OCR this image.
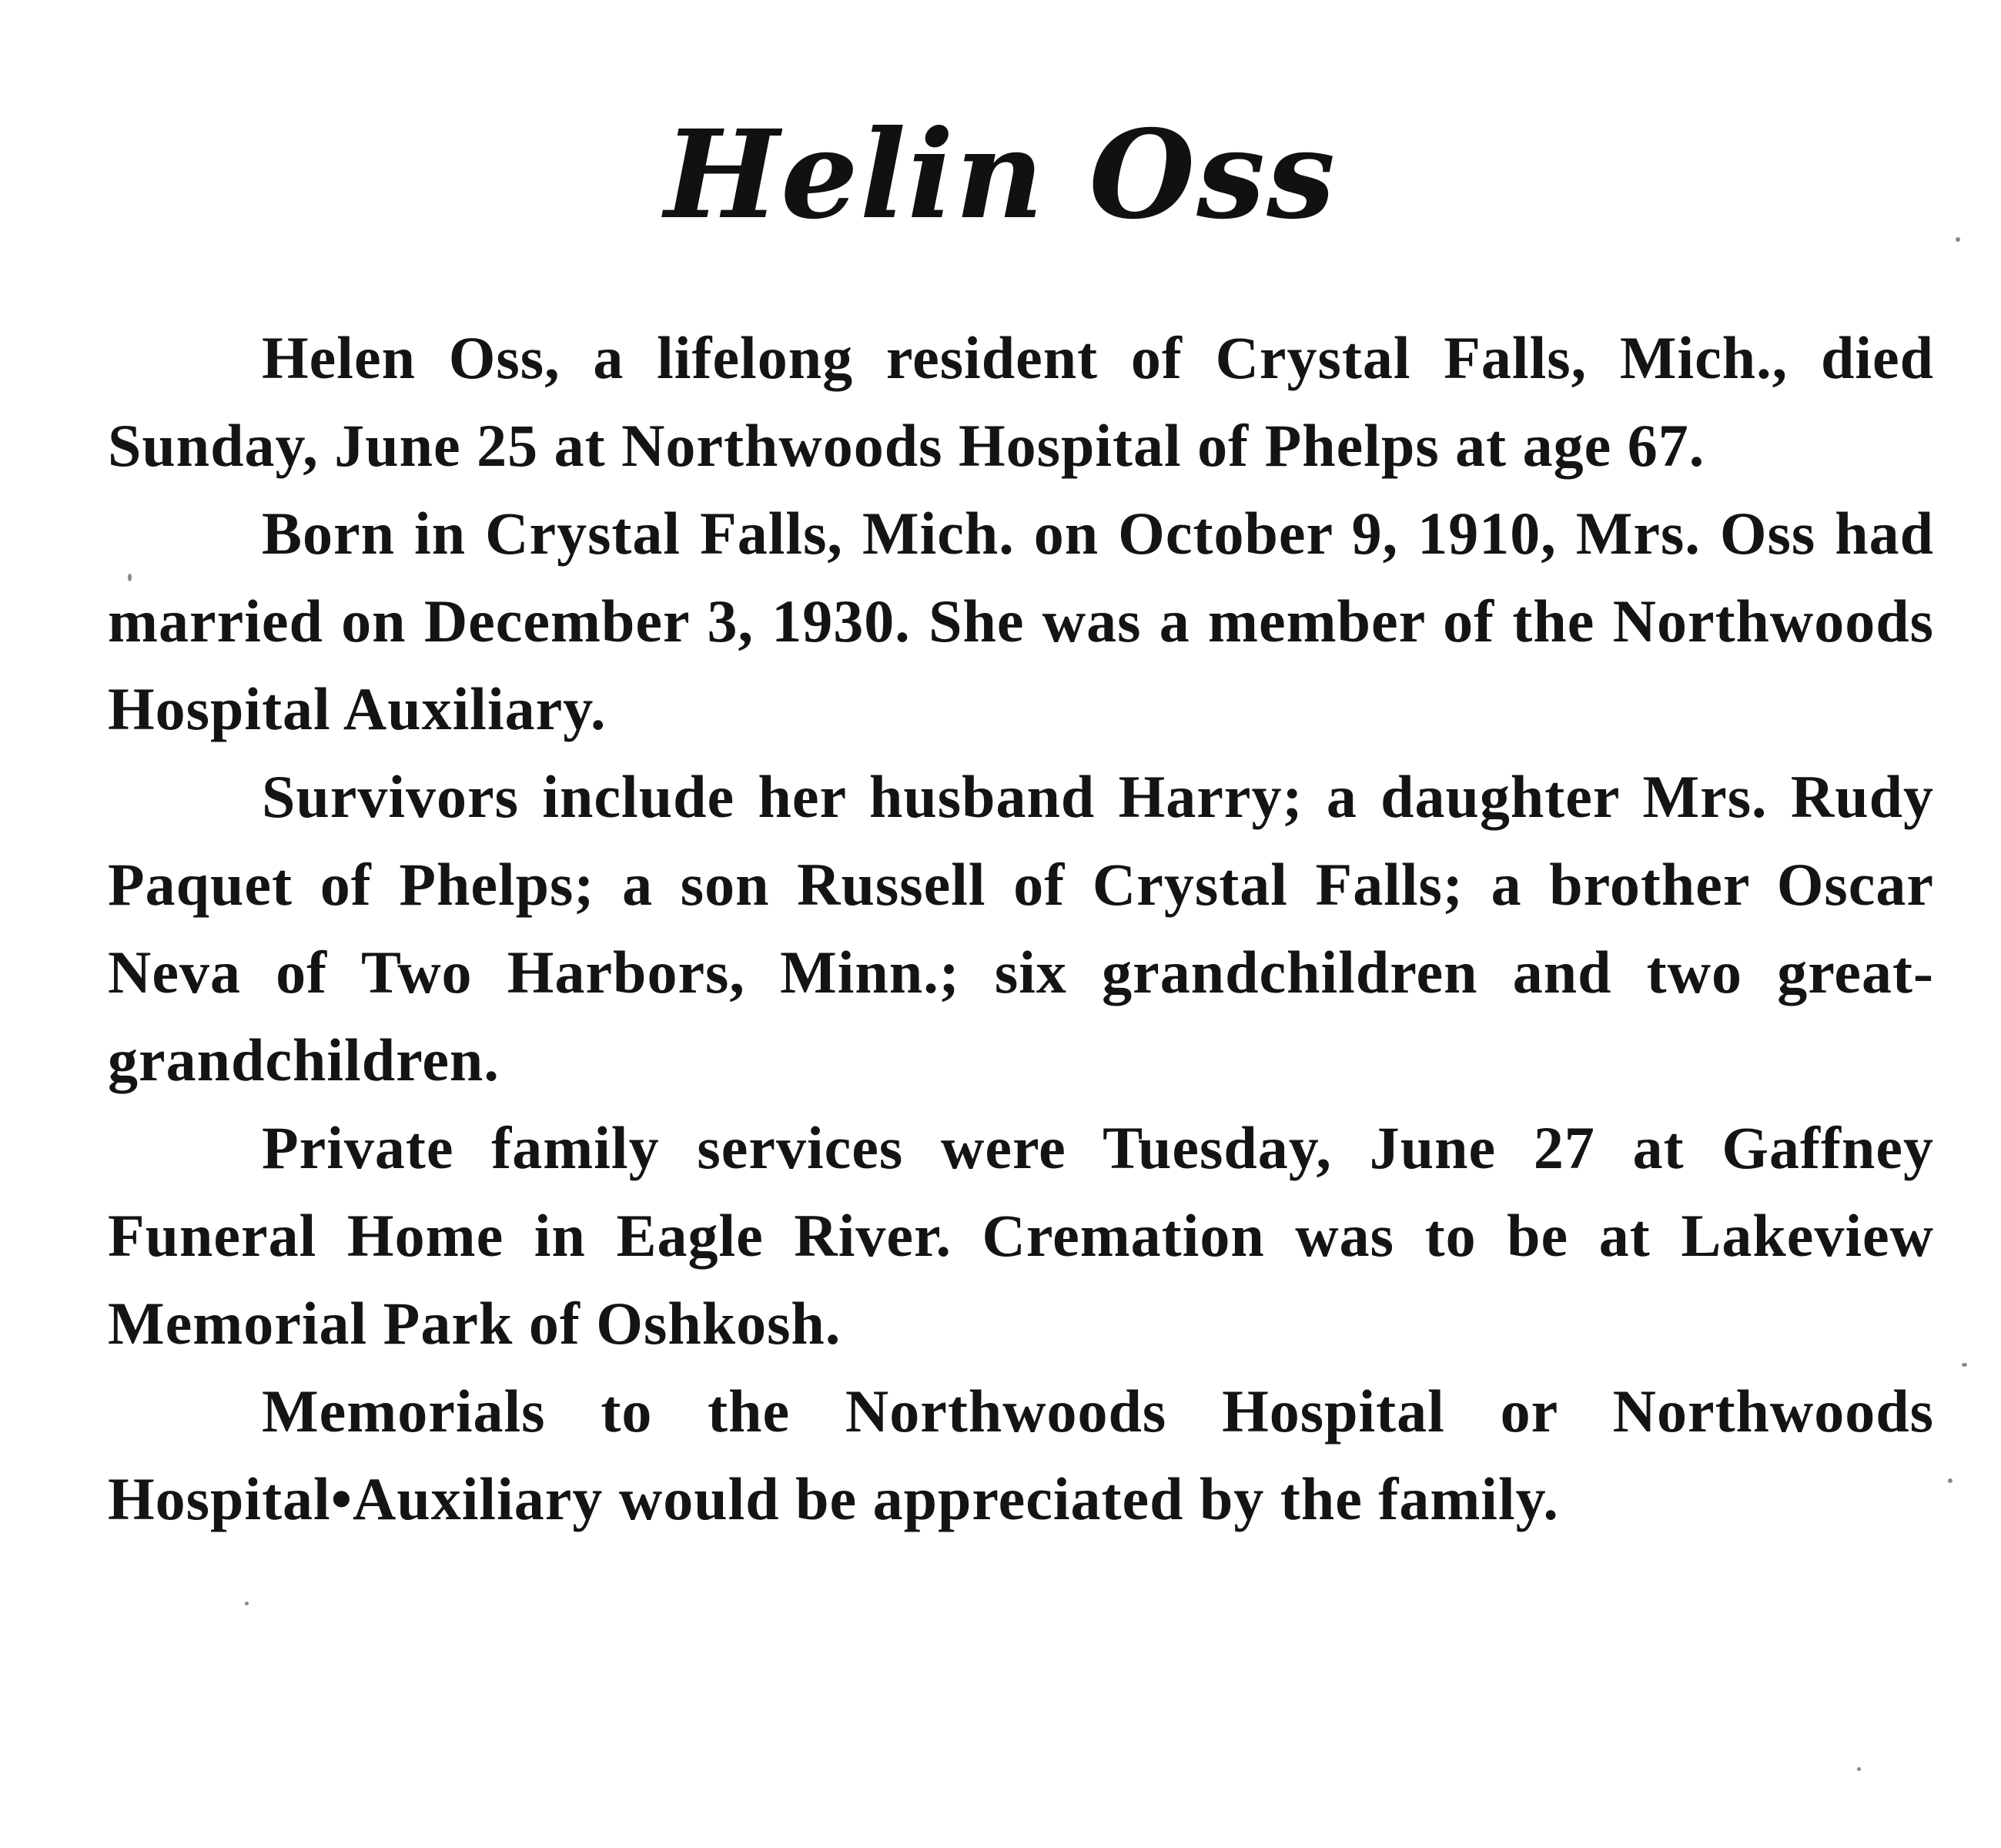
Helin Oss

Helen Oss, a lifelong resident of Crystal Falls, Mich., died Sunday, June 25 at Northwoods Hospital of Phelps at age 67.

Born in Crystal Falls, Mich. on October 9, 1910, Mrs. Oss had married on December 3, 1930. She was a member of the Northwoods Hospital Auxiliary.

Survivors include her husband Harry; a daughter Mrs. Rudy Paquet of Phelps; a son Russell of Crystal Falls; a brother Oscar Neva of Two Harbors, Minn.; six grandchildren and two great-grandchildren.

Private family services were Tuesday, June 27 at Gaffney Funeral Home in Eagle River. Cremation was to be at Lakeview Memorial Park of Oshkosh.

Memorials to the Northwoods Hospital or Northwoods Hospital•Auxiliary would be appreciated by the family.
